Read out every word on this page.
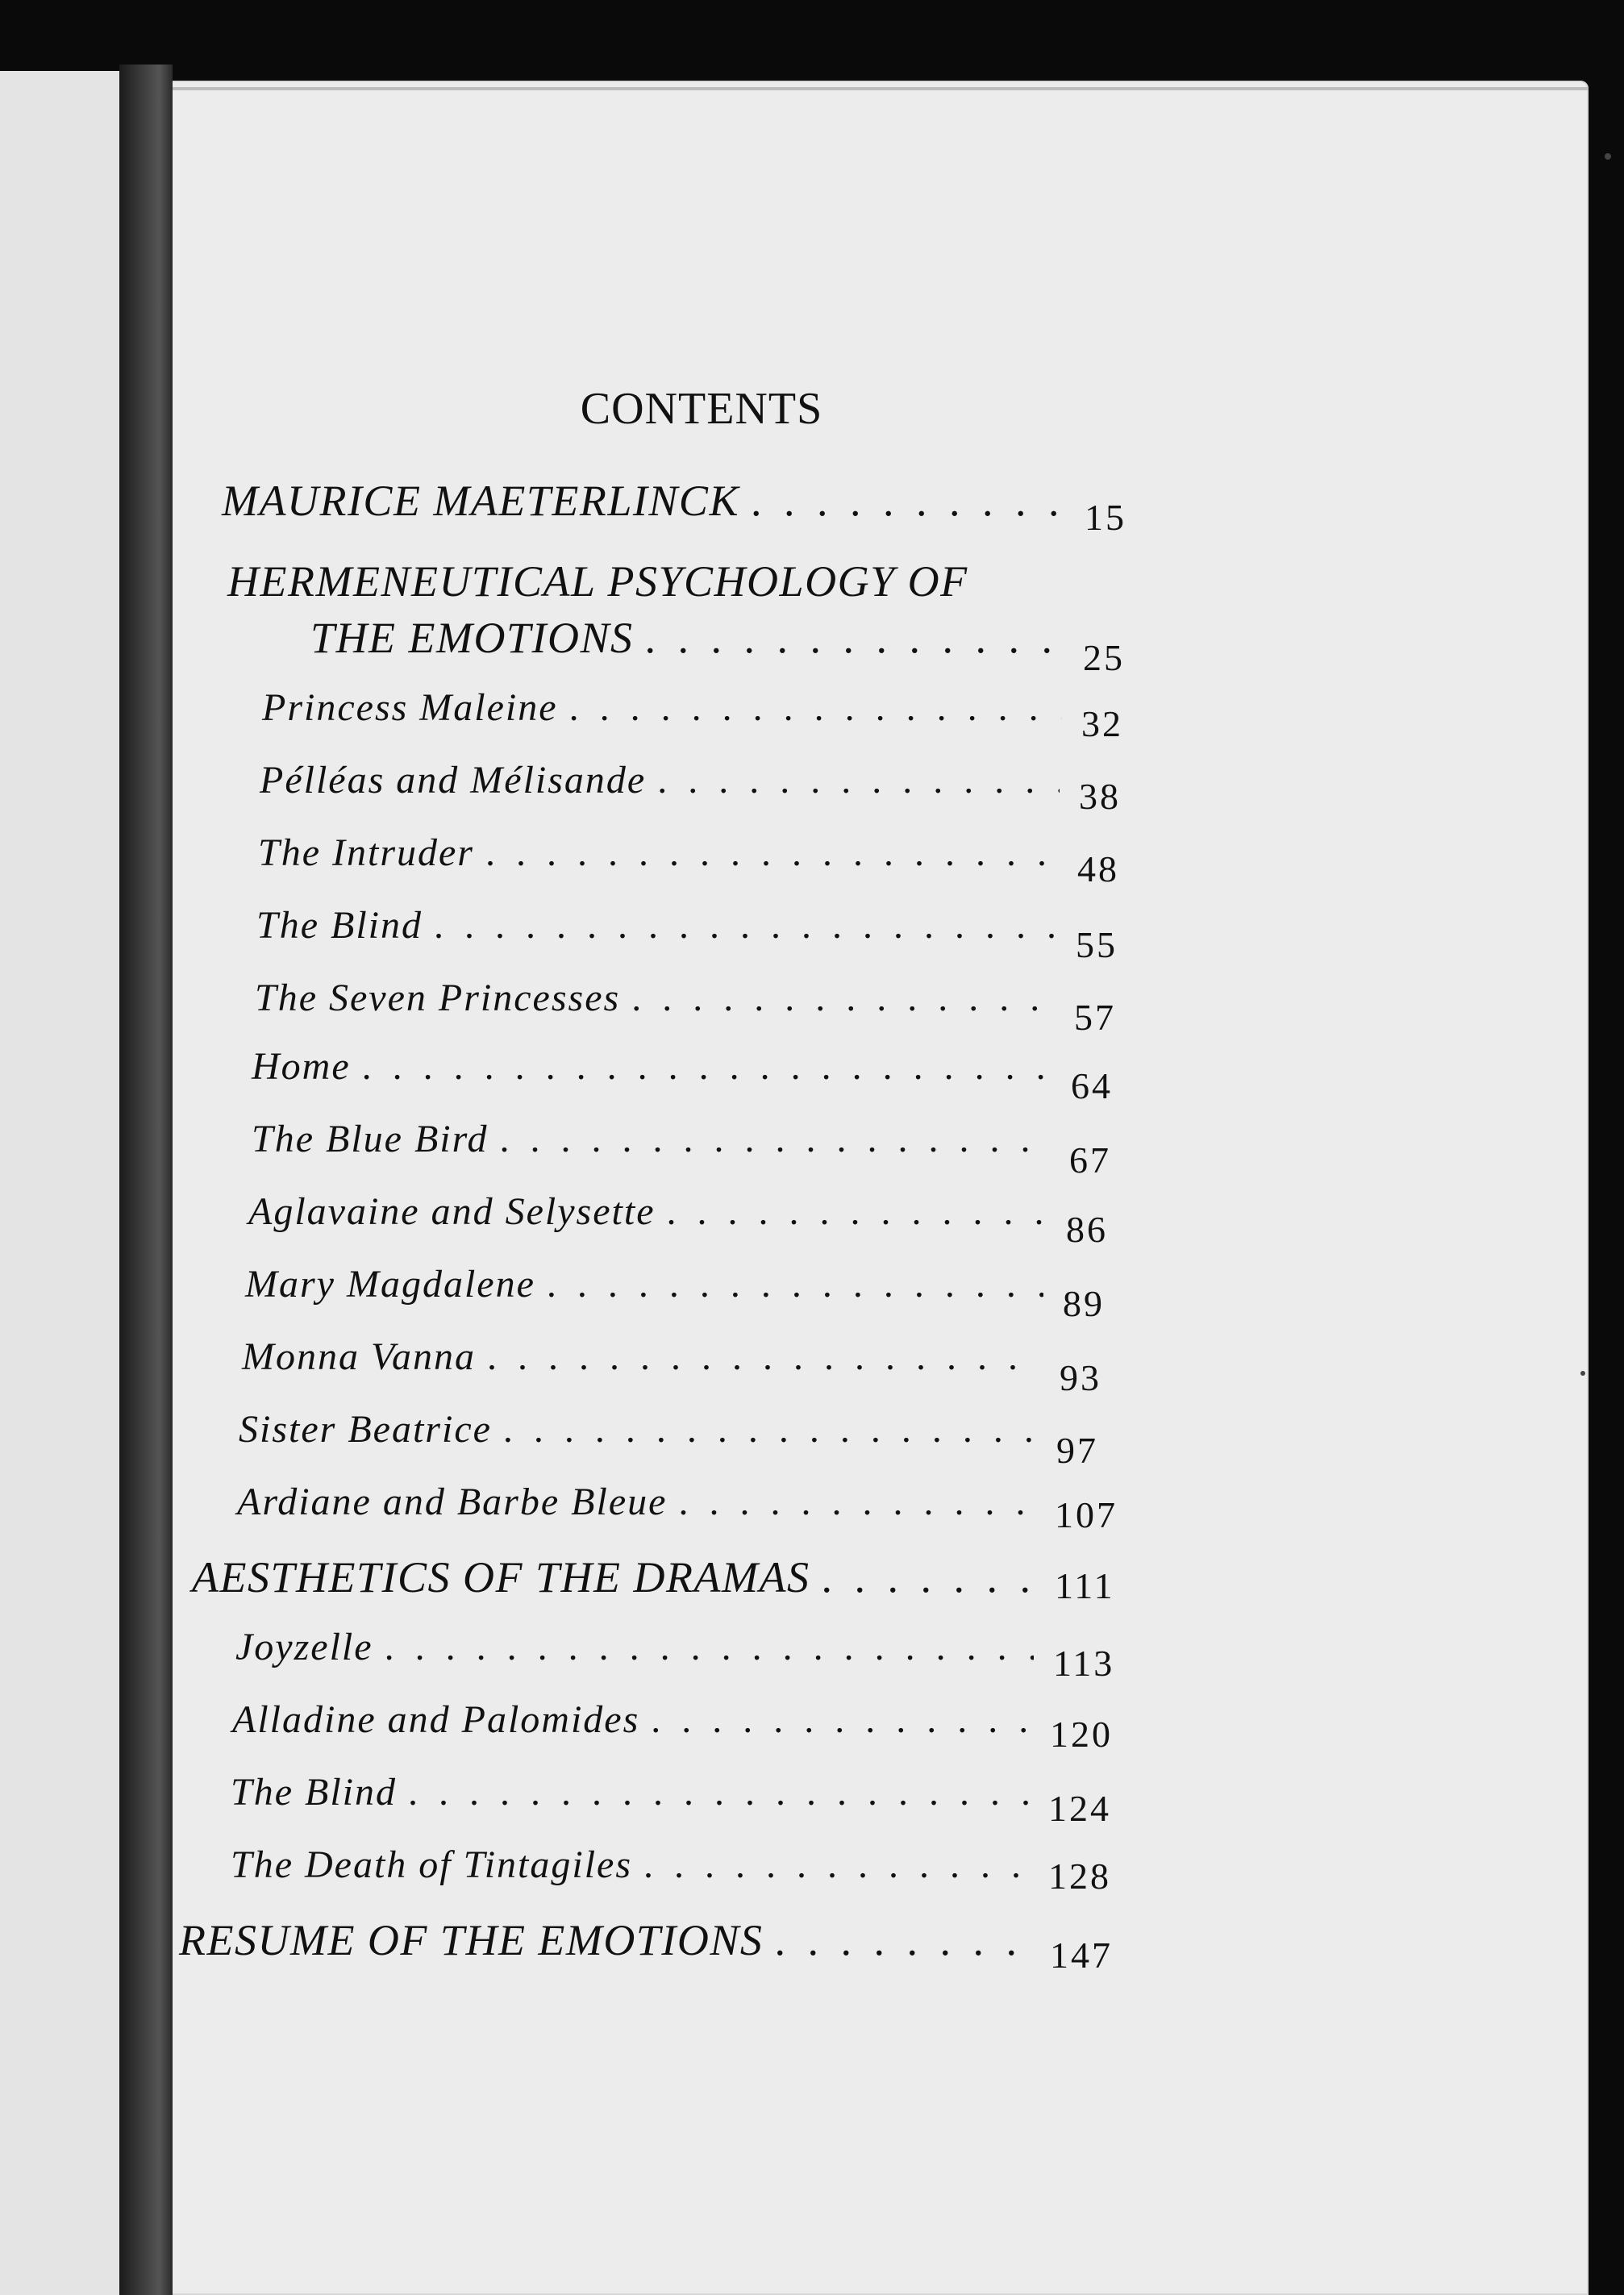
CONTENTS
MAURICE MAETERLINCK . . .	15
HERMENEUTICAL PSYCHOLOGY OF
THE EMOTIONS . . .	25
Princess Maleine . . .	32
Pélléas and Mélisande . . .	38
The Intruder . . .	48
The Blind . . .	55
The Seven Princesses . . .	57
Home . . .	64
The Blue Bird . . .	67
Aglavaine and Selysette . . .	86
Mary Magdalene . . .	89
Monna Vanna . . .	93
Sister Beatrice . . .	97
Ardiane and Barbe Bleue . . .	107
AESTHETICS OF THE DRAMAS . . .	111
Joyzelle . . .	113
Alladine and Palomides . . .	120
The Blind . . .	124
The Death of Tintagiles . . .	128
RESUME OF THE EMOTIONS . . .	147
